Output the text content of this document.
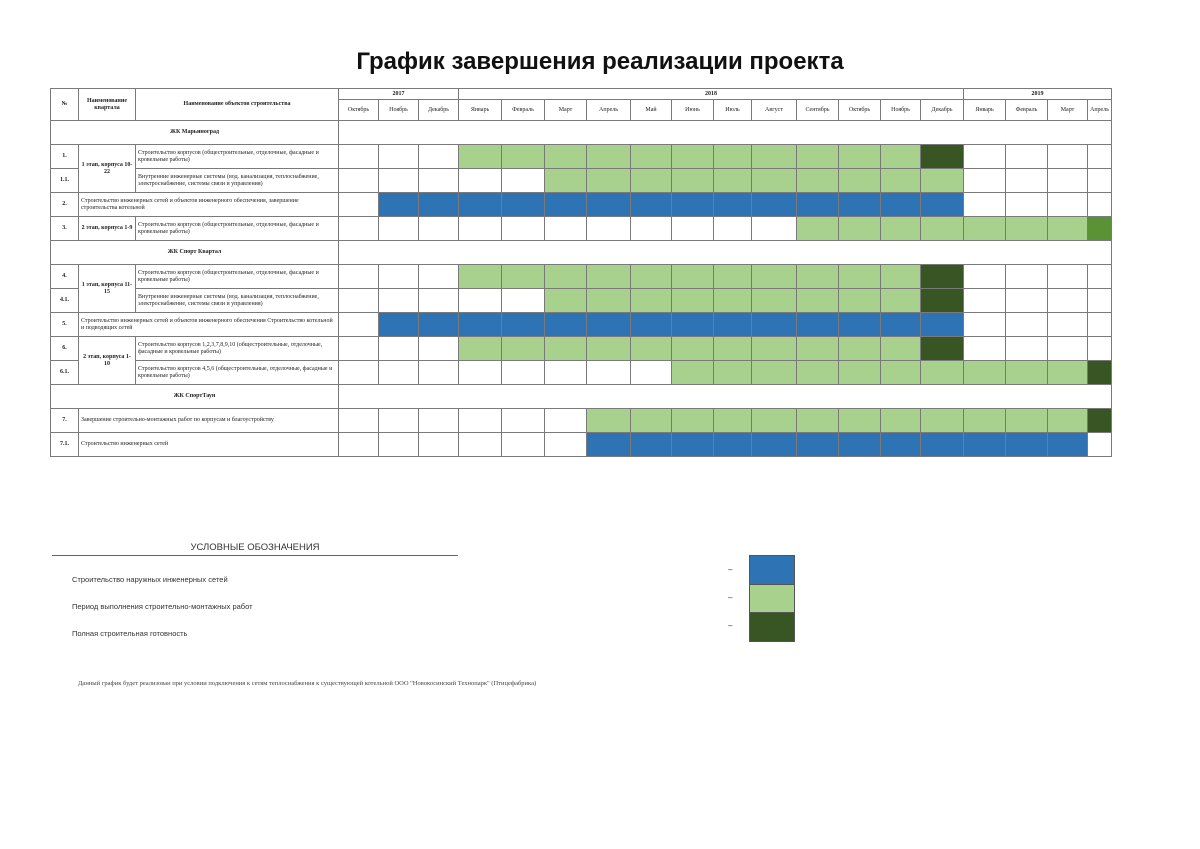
График завершения реализации проекта
№	Наименование квартала	Наименование объектов строительства	2017			2018												2019			
			Октябрь	Ноябрь	Декабрь	Январь	Февраль	Март	Апрель	Май	Июнь	Июль	Август	Сентябрь	Октябрь	Ноябрь	Декабрь	Январь	Февраль	Март	Апрель
ЖК Марьиноград																					
1.	1 этап, корпуса 10-22	Строительство корпусов (общестроительные, отделочные, фасадные и кровельные работы)																			
1.1.		Внутренние инженерные системы (вод. канализация, теплоснабжение, электроснабжение, системы связи и управления)																			
2.	Строительство инженерных сетей и объектов инженерного обеспечения, завершение строительства котельной																				
3.	2 этап, корпуса 1-9	Строительство корпусов (общестроительные, отделочные, фасадные и кровельные работы)																			
ЖК Спорт Квартал																					
4.	1 этап, корпуса 11-15	Строительство корпусов (общестроительные, отделочные, фасадные и кровельные работы)																			
4.1.		Внутренние инженерные системы (вод. канализация, теплоснабжение, электроснабжение, системы связи и управления)																			
5.	Строительство инженерных сетей и объектов инженерного обеспечения Строительство котельной и подводящих сетей																				
6.	2 этап, корпуса 1-10	Строительство корпусов 1,2,3,7,8,9,10 (общестроительные, отделочные, фасадные и кровельные работы)																			
6.1.		Строительство корпусов 4,5,6 (общестроительные, отделочные, фасадные и кровельные работы)																			
ЖК СпортТаун																					
7.	Завершение строительно-монтажных работ по корпусам и благоустройству																				
7.1.	Строительство инженерных сетей																				
УСЛОВНЫЕ ОБОЗНАЧЕНИЯ
Строительство наружных инженерных сетей
Период выполнения строительно-монтажных работ
Полная строительная готовность
–
–
–
Данный график будет реализован при условии подключения к сетям теплоснабжения к существующей котельной ООО "Новокосинский Технопарк" (Птицефабрика)
